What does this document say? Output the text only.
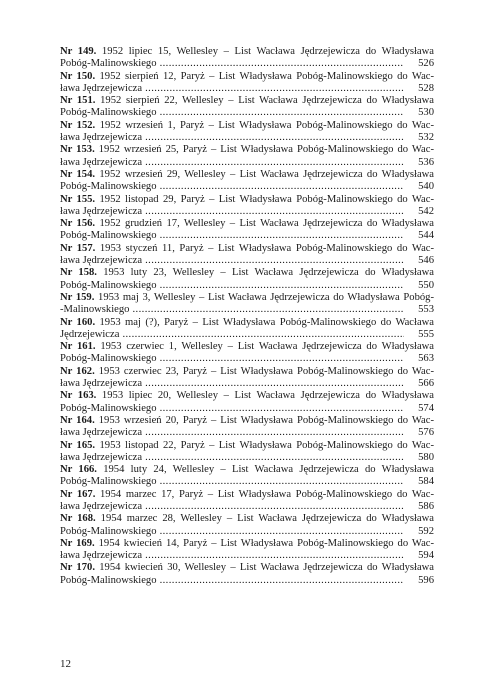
Nr 149. 1952 lipiec 15, Wellesley – List Wacława Jędrzejewicza do Władysława
Pobóg-Malinowskiego .....	526
Nr 150. 1952 sierpień 12, Paryż – List Władysława Pobóg-Malinowskiego do Wac-
ława Jędrzejewicza .....	528
Nr 151. 1952 sierpień 22, Wellesley – List Wacława Jędrzejewicza do Władysława
Pobóg-Malinowskiego .....	530
Nr 152. 1952 wrzesień 1, Paryż – List Władysława Pobóg-Malinowskiego do Wac-
ława Jędrzejewicza .....	532
Nr 153. 1952 wrzesień 25, Paryż – List Władysława Pobóg-Malinowskiego do Wac-
ława Jędrzejewicza .....	536
Nr 154. 1952 wrzesień 29, Wellesley – List Wacława Jędrzejewicza do Władysława
Pobóg-Malinowskiego .....	540
Nr 155. 1952 listopad 29, Paryż – List Władysława Pobóg-Malinowskiego do Wac-
ława Jędrzejewicza .....	542
Nr 156. 1952 grudzień 17, Wellesley – List Wacława Jędrzejewicza do Władysława
Pobóg-Malinowskiego .....	544
Nr 157. 1953 styczeń 11, Paryż – List Władysława Pobóg-Malinowskiego do Wac-
ława Jędrzejewicza .....	546
Nr 158. 1953 luty 23, Wellesley – List Wacława Jędrzejewicza do Władysława
Pobóg-Malinowskiego .....	550
Nr 159. 1953 maj 3, Wellesley – List Wacława Jędrzejewicza do Władysława Pobóg-
-Malinowskiego .....	553
Nr 160. 1953 maj (?), Paryż – List Władysława Pobóg-Malinowskiego do Wacława
Jędrzejewicza .....	555
Nr 161. 1953 czerwiec 1, Wellesley – List Wacława Jędrzejewicza do Władysława
Pobóg-Malinowskiego .....	563
Nr 162. 1953 czerwiec 23, Paryż – List Władysława Pobóg-Malinowskiego do Wac-
ława Jędrzejewicza .....	566
Nr 163. 1953 lipiec 20, Wellesley – List Wacława Jędrzejewicza do Władysława
Pobóg-Malinowskiego .....	574
Nr 164. 1953 wrzesień 20, Paryż – List Władysława Pobóg-Malinowskiego do Wac-
ława Jędrzejewicza .....	576
Nr 165. 1953 listopad 22, Paryż – List Władysława Pobóg-Malinowskiego do Wac-
ława Jędrzejewicza .....	580
Nr 166. 1954 luty 24, Wellesley – List Wacława Jędrzejewicza do Władysława
Pobóg-Malinowskiego .....	584
Nr 167. 1954 marzec 17, Paryż – List Władysława Pobóg-Malinowskiego do Wac-
ława Jędrzejewicza .....	586
Nr 168. 1954 marzec 28, Wellesley – List Wacława Jędrzejewicza do Władysława
Pobóg-Malinowskiego .....	592
Nr 169. 1954 kwiecień 14, Paryż – List Władysława Pobóg-Malinowskiego do Wac-
ława Jędrzejewicza .....	594
Nr 170. 1954 kwiecień 30, Wellesley – List Wacława Jędrzejewicza do Władysława
Pobóg-Malinowskiego .....	596
12
